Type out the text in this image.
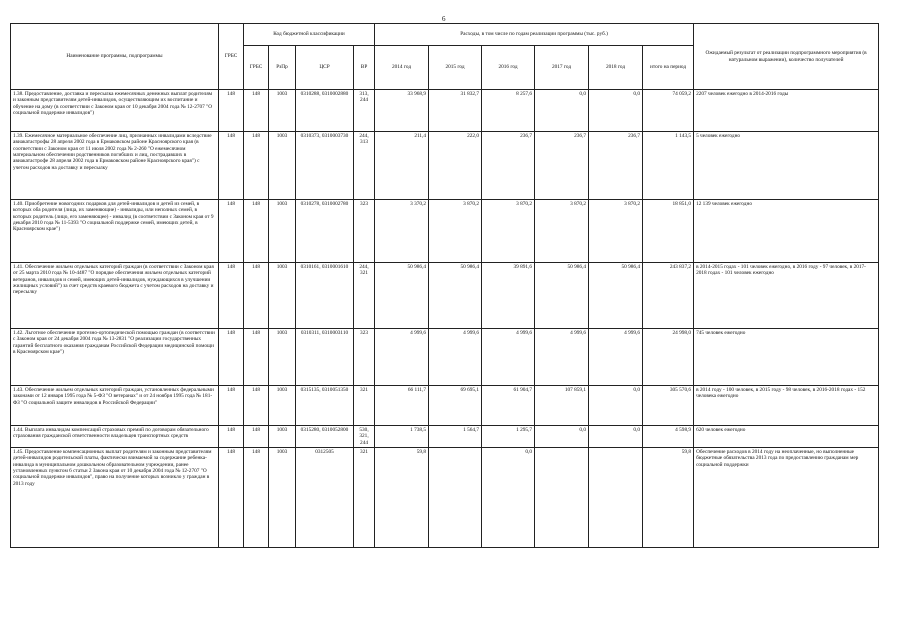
6
Наименование программы, подпрограммы	ГРБС	Код бюджетной классификации				Расходы, в том числе по годам реализации программы (тыс. руб.)						Ожидаемый результат от реализации подпрограммного мероприятия (в натуральном выражении), количество получателей
		ГРБС	РзПр	ЦСР	ВР	2014 год	2015 год	2016 год	2017 год	2018 год	итого на период	
1.38. Предоставление, доставка и пересылка ежемесячных денежных выплат родителям и законным представителям детей-инвалидов, осуществляющим их воспитание и обучение на дому (в соответствии с Законом края от 10 декабря 2004 года № 12-2707 "О социальной поддержке инвалидов")	148	148	1003	0310288, 0310002880	313, 244	33 968,9	31 832,7	8 257,6	0,0	0,0	74 059,2	2207 человек ежегодно в 2014-2016 годы
1.39. Ежемесячное материальное обеспечение лиц, признанных инвалидами вследствие авиакатастрофы 28 апреля 2002 года в Ермаковском районе Красноярского края (в соответствии с Законом края от 11 июля 2002 года № 2-260 "О ежемесячном материальном обеспечении родственников погибших и лиц, пострадавших в авиакатастрофе 28 апреля 2002 года в Ермаковском районе Красноярского края") с учетом расходов на доставку и пересылку	148	148	1003	0310373, 0310003730	244, 313	211,4	222,0	236,7	236,7	236,7	1 143,5	5 человек ежегодно
1.40. Приобретение новогодних подарков для детей-инвалидов и детей из семей, в которых оба родителя (лица, их заменяющие) - инвалиды, или неполных семей, в которых родитель (лицо, его заменяющее) - инвалид (в соответствии с Законом края от 9 декабря 2010 года № 11-5393 "О социальной поддержке семей, имеющих детей, в Красноярском крае")	148	148	1003	0310278, 0310002780	323	3 370,2	3 870,2	3 870,2	3 870,2	3 870,2	18 851,0	12 139 человек ежегодно
1.41. Обеспечение жильем отдельных категорий граждан (в соответствии с Законом края от 25 марта 2010 года № 10-4487 "О порядке обеспечения жильем отдельных категорий ветеранов, инвалидов и семей, имеющих детей-инвалидов, нуждающихся в улучшении жилищных условий") за счет средств краевого бюджета с учетом расходов на доставку и пересылку	148	148	1003	0310161, 0310001610	244, 321	50 986,4	50 986,4	39 891,6	50 986,4	50 986,4	243 837,2	в 2014-2015 годах - 101 человек ежегодно, в 2016 году - 97 человек, в 2017-2018 годах - 101 человек ежегодно
1.42. Льготное обеспечение протезно-ортопедической помощью граждан (в соответствии с Законом края от 24 декабря 2004 года № 13-2831 "О реализации государственных гарантий бесплатного оказания гражданам Российской Федерации медицинской помощи в Красноярском крае")	148	148	1003	0310311, 0310003110	323	4 999,6	4 999,6	4 999,6	4 999,6	4 999,6	24 998,0	745 человек ежегодно
1.43. Обеспечение жильем отдельных категорий граждан, установленных федеральными законами от 12 января 1995 года № 5-ФЗ "О ветеранах" и от 24 ноября 1995 года № 181-ФЗ "О социальной защите инвалидов в Российской Федерации"	148	148	1003	0315135, 0310051350	321	66 111,7	69 695,1	61 904,7	107 859,1	0,0	305 570,6	в 2014 году - 100 человек, в 2015 году - 98 человек, в 2016-2018 годах - 152 человека ежегодно
1.44. Выплата инвалидам компенсаций страховых премий по договорам обязательного страхования гражданской ответственности владельцев транспортных средств	148	148	1003	0315280, 0310052800	530, 321, 244	1 738,5	1 564,7	1 295,7	0,0	0,0	4 598,9	620 человек ежегодно
1.45. Предоставление компенсационных выплат родителям и законным представителям детей-инвалидов родительской платы, фактически взимаемой за содержание ребенка-инвалида в муниципальном дошкольном образовательном учреждении, ранее установленных пунктом 6 статьи 2 Закона края от 10 декабря 2004 года № 12-2707 "О социальной поддержке инвалидов", право на получение которых возникло у граждан в 2013 году	148	148	1003	0312505	321	59,8		0,0			59,8	Обеспечение расходов в 2014 году на неоплаченные, но выполненные бюджетные обязательства 2013 года по предоставлению гражданам мер социальной поддержки
